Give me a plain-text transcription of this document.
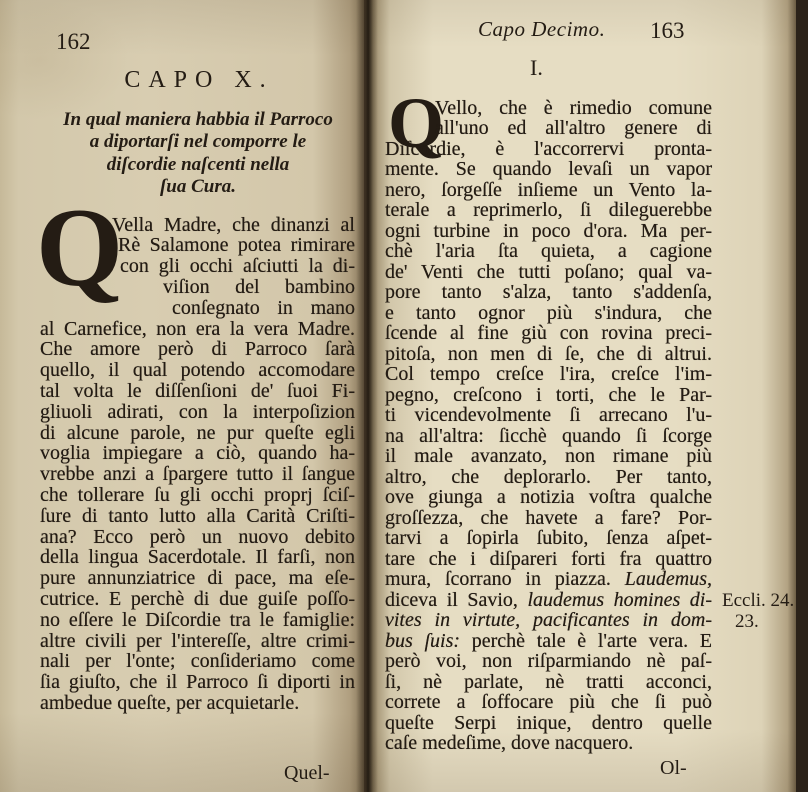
162
CAPO X.
In qual maniera habbia il Parroco
a diportarſi nel comporre le
diſcordie naſcenti nella
ſua Cura.
Q
Vella Madre, che dinanzi al
Rè Salamone potea rimirare
con gli occhi aſciutti la di-
viſion del bambino
conſegnato in mano
al Carnefice, non era la vera Madre.
Che amore però di Parroco ſarà
quello, il qual potendo accomodare
tal volta le diſſenſioni de' ſuoi Fi-
gliuoli adirati, con la interpoſizion
di alcune parole, ne pur queſte egli
voglia impiegare a ciò, quando ha-
vrebbe anzi a ſpargere tutto il ſangue
che tollerare ſu gli occhi proprj ſciſ-
ſure di tanto lutto alla Carità Criſti-
ana? Ecco però un nuovo debito
della lingua Sacerdotale. Il farſi, non
pure annunziatrice di pace, ma eſe-
cutrice. E perchè di due guiſe poſſo-
no eſſere le Diſcordie tra le famiglie:
altre civili per l'intereſſe, altre crimi-
nali per l'onte; conſideriamo come
ſia giuſto, che il Parroco ſi diporti in
ambedue queſte, per acquietarle.
Quel-
Capo Decimo. 163
I.
Q
Vello, che è rimedio comune
all'uno ed all'altro genere di
Diſcordie, è l'accorrervi pronta-
mente. Se quando levaſi un vapor
nero, ſorgeſſe inſieme un Vento la-
terale a reprimerlo, ſi dileguerebbe
ogni turbine in poco d'ora. Ma per-
chè l'aria ſta quieta, a cagione
de' Venti che tutti poſano; qual va-
pore tanto s'alza, tanto s'addenſa,
e tanto ognor più s'indura, che
ſcende al fine giù con rovina preci-
pitoſa, non men di ſe, che di altrui.
Col tempo creſce l'ira, creſce l'im-
pegno, creſcono i torti, che le Par-
ti vicendevolmente ſi arrecano l'u-
na all'altra: ſicchè quando ſi ſcorge
il male avanzato, non rimane più
altro, che deplorarlo. Per tanto,
ove giunga a notizia voſtra qualche
groſſezza, che havete a fare? Por-
tarvi a ſopirla ſubito, ſenza aſpet-
tare che i diſpareri forti fra quattro
mura, ſcorrano in piazza. Laudemus,
diceva il Savio, laudemus homines di-
vites in virtute, pacificantes in dom-
bus ſuis: perchè tale è l'arte vera. E
però voi, non riſparmiando nè paſ-
ſi, nè parlate, nè tratti acconci,
correte a ſoffocare più che ſi può
queſte Serpi inique, dentro quelle
caſe medeſime, dove nacquero.
Eccli. 24.
23.
Ol-
